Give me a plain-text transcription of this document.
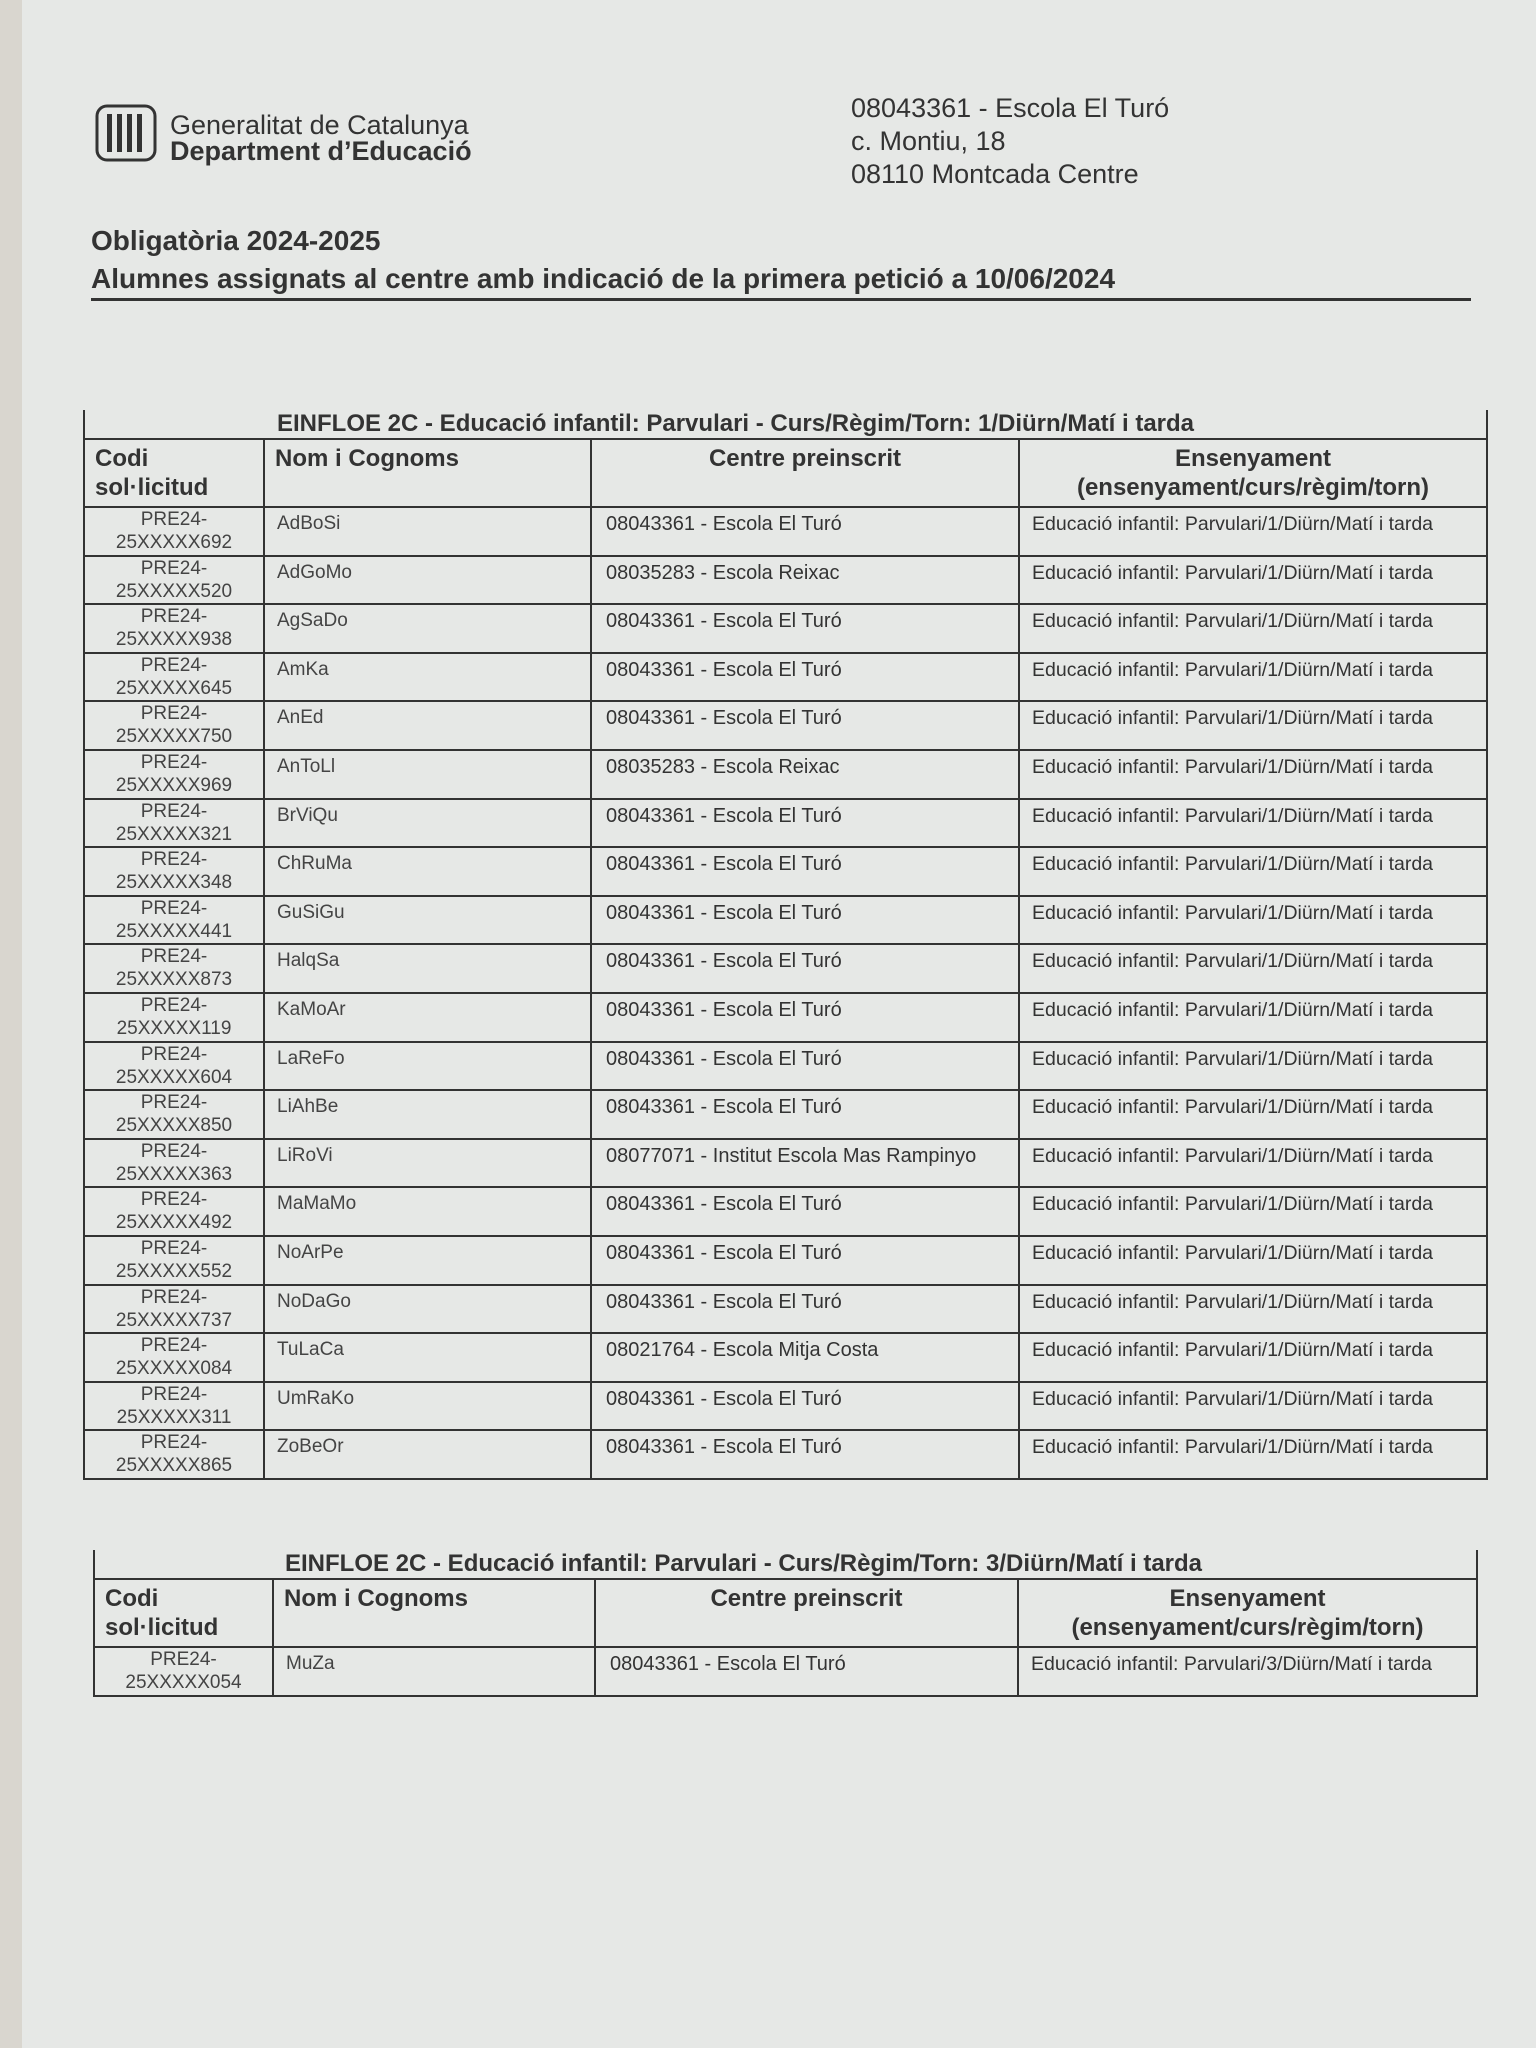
Generalitat de Catalunya
Department d’Educació
08043361 - Escola El Turó
c. Montiu, 18
08110 Montcada Centre
Obligatòria 2024-2025
Alumnes assignats al centre amb indicació de la primera petició a 10/06/2024
EINFLOE 2C - Educació infantil: Parvulari - Curs/Règim/Torn: 1/Diürn/Matí i tarda			
Codi
sol·licitud	Nom i Cognoms	Centre preinscrit	Ensenyament
(ensenyament/curs/règim/torn)

PRE24-
25XXXXX692	AdBoSi	08043361 - Escola El Turó	Educació infantil: Parvulari/1/Diürn/Matí i tarda

PRE24-
25XXXXX520	AdGoMo	08035283 - Escola Reixac	Educació infantil: Parvulari/1/Diürn/Matí i tarda

PRE24-
25XXXXX938	AgSaDo	08043361 - Escola El Turó	Educació infantil: Parvulari/1/Diürn/Matí i tarda

PRE24-
25XXXXX645	AmKa	08043361 - Escola El Turó	Educació infantil: Parvulari/1/Diürn/Matí i tarda

PRE24-
25XXXXX750	AnEd	08043361 - Escola El Turó	Educació infantil: Parvulari/1/Diürn/Matí i tarda

PRE24-
25XXXXX969	AnToLl	08035283 - Escola Reixac	Educació infantil: Parvulari/1/Diürn/Matí i tarda

PRE24-
25XXXXX321	BrViQu	08043361 - Escola El Turó	Educació infantil: Parvulari/1/Diürn/Matí i tarda

PRE24-
25XXXXX348	ChRuMa	08043361 - Escola El Turó	Educació infantil: Parvulari/1/Diürn/Matí i tarda

PRE24-
25XXXXX441	GuSiGu	08043361 - Escola El Turó	Educació infantil: Parvulari/1/Diürn/Matí i tarda

PRE24-
25XXXXX873	HalqSa	08043361 - Escola El Turó	Educació infantil: Parvulari/1/Diürn/Matí i tarda

PRE24-
25XXXXX119	KaMoAr	08043361 - Escola El Turó	Educació infantil: Parvulari/1/Diürn/Matí i tarda

PRE24-
25XXXXX604	LaReFo	08043361 - Escola El Turó	Educació infantil: Parvulari/1/Diürn/Matí i tarda

PRE24-
25XXXXX850	LiAhBe	08043361 - Escola El Turó	Educació infantil: Parvulari/1/Diürn/Matí i tarda

PRE24-
25XXXXX363	LiRoVi	08077071 - Institut Escola Mas Rampinyo	Educació infantil: Parvulari/1/Diürn/Matí i tarda

PRE24-
25XXXXX492	MaMaMo	08043361 - Escola El Turó	Educació infantil: Parvulari/1/Diürn/Matí i tarda

PRE24-
25XXXXX552	NoArPe	08043361 - Escola El Turó	Educació infantil: Parvulari/1/Diürn/Matí i tarda

PRE24-
25XXXXX737	NoDaGo	08043361 - Escola El Turó	Educació infantil: Parvulari/1/Diürn/Matí i tarda

PRE24-
25XXXXX084	TuLaCa	08021764 - Escola Mitja Costa	Educació infantil: Parvulari/1/Diürn/Matí i tarda

PRE24-
25XXXXX311	UmRaKo	08043361 - Escola El Turó	Educació infantil: Parvulari/1/Diürn/Matí i tarda

PRE24-
25XXXXX865	ZoBeOr	08043361 - Escola El Turó	Educació infantil: Parvulari/1/Diürn/Matí i tarda
EINFLOE 2C - Educació infantil: Parvulari - Curs/Règim/Torn: 3/Diürn/Matí i tarda			
Codi
sol·licitud	Nom i Cognoms	Centre preinscrit	Ensenyament
(ensenyament/curs/règim/torn)

PRE24-
25XXXXX054	MuZa	08043361 - Escola El Turó	Educació infantil: Parvulari/3/Diürn/Matí i tarda
